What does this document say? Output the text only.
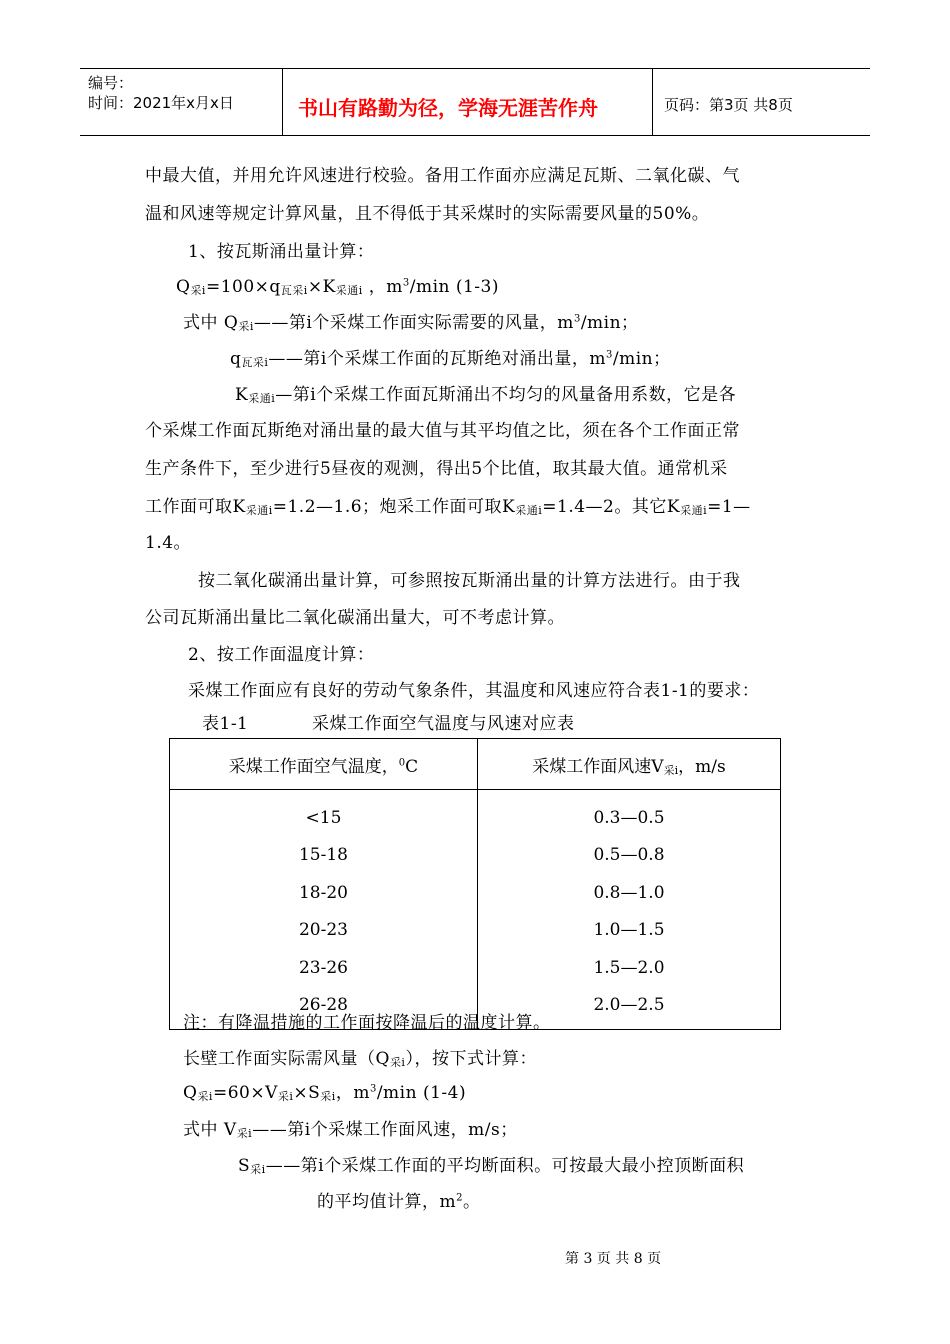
编号：
时间：2021年x月x日	书山有路勤为径，学海无涯苦作舟	页码：第3页 共8页
中最大值，并用允许风速进行校验。备用工作面亦应满足瓦斯、二氧化碳、气
温和风速等规定计算风量，且不得低于其采煤时的实际需要风量的50%。
1、按瓦斯涌出量计算：
Q采i=100×q瓦采i×K采通i ，$m^3/\min$ (1-3)
式中 Q采i——第i个采煤工作面实际需要的风量，$m^3/\min$；
q瓦采i——第i个采煤工作面的瓦斯绝对涌出量，$m^3/\min$；
K采通i—第i个采煤工作面瓦斯涌出不均匀的风量备用系数，它是各
个采煤工作面瓦斯绝对涌出量的最大值与其平均值之比，须在各个工作面正常
生产条件下，至少进行5昼夜的观测，得出5个比值，取其最大值。通常机采
工作面可取K采通i=1.2—1.6；炮采工作面可取K采通i=1.4—2。其它K采通i=1—
1.4。
按二氧化碳涌出量计算，可参照按瓦斯涌出量的计算方法进行。由于我
公司瓦斯涌出量比二氧化碳涌出量大，可不考虑计算。
2、按工作面温度计算：
采煤工作面应有良好的劳动气象条件，其温度和风速应符合表1-1的要求：
表1-1	采煤工作面空气温度与风速对应表
采煤工作面空气温度，$^0$C	采煤工作面风速V采i，m/s
<15	0.3—0.5
15-18	0.5—0.8
18-20	0.8—1.0
20-23	1.0—1.5
23-26	1.5—2.0
26-28	2.0—2.5
注：有降温措施的工作面按降温后的温度计算。
长壁工作面实际需风量（Q采i），按下式计算：
Q采i=60×V采i×S采i，$m^3/\min$ (1-4)
式中 V采i——第i个采煤工作面风速，m/s；
S采i——第i个采煤工作面的平均断面积。可按最大最小控顶断面积
的平均值计算，$m^2$。
第 3 页 共 8 页
